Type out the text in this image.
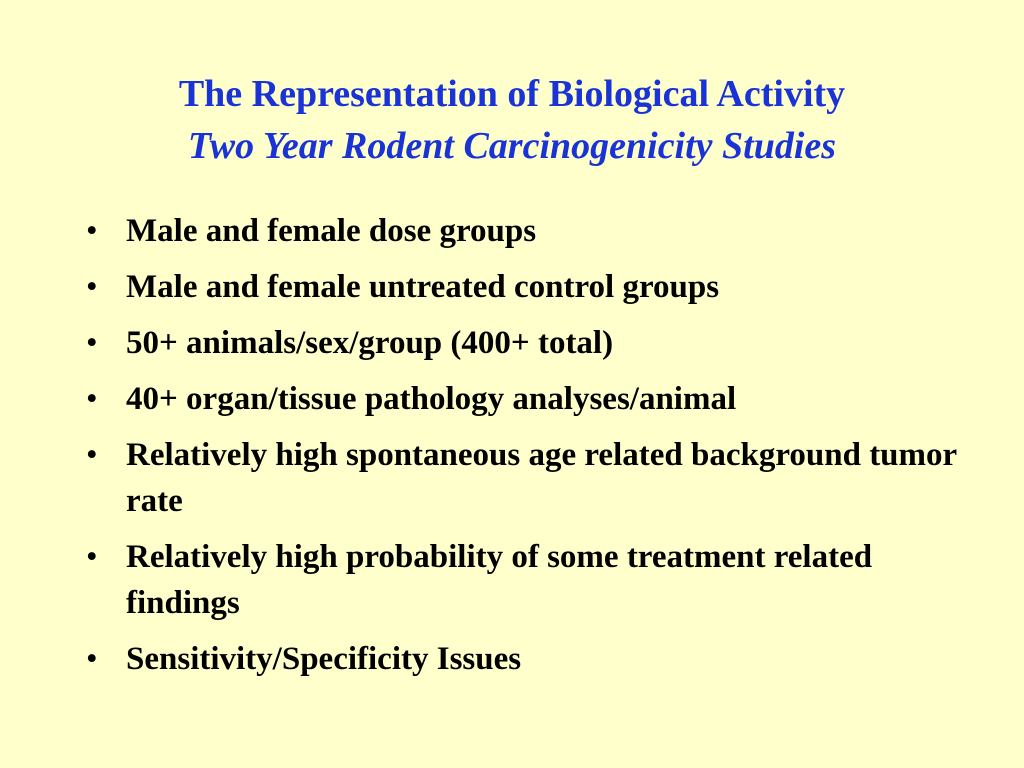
The Representation of Biological Activity
Two Year Rodent Carcinogenicity Studies
• Male and female dose groups
• Male and female untreated control groups
• 50+ animals/sex/group (400+ total)
• 40+ organ/tissue pathology analyses/animal
• Relatively high spontaneous age related background tumor rate
• Relatively high probability of some treatment related findings
• Sensitivity/Specificity Issues
